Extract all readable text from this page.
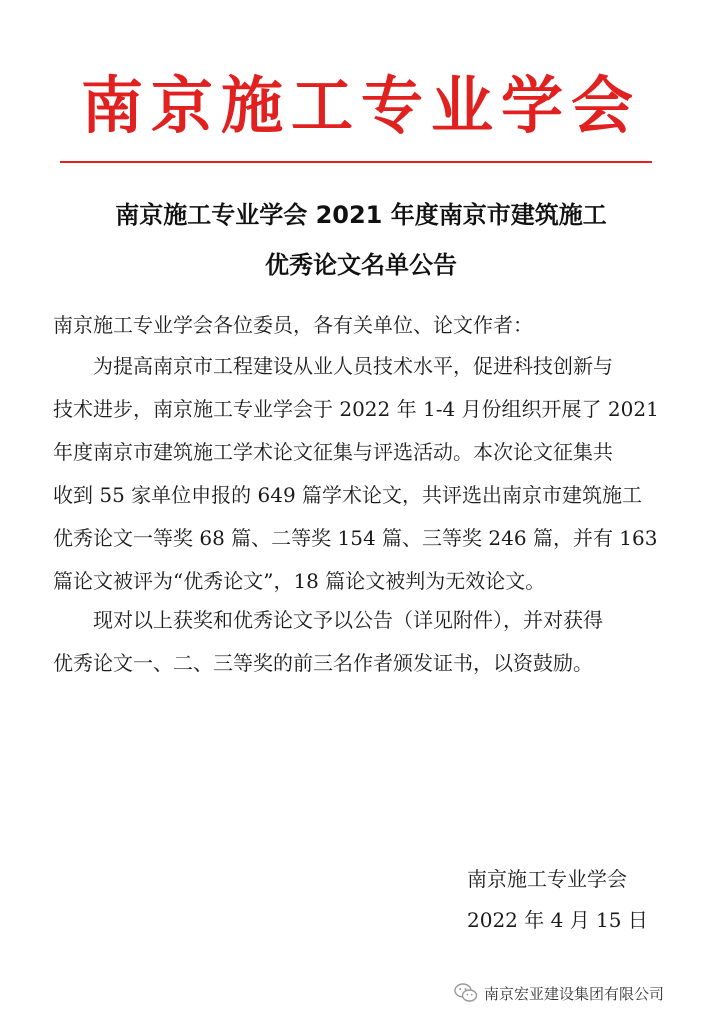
南京施工专业学会
南京施工专业学会 2021 年度南京市建筑施工
优秀论文名单公告
南京施工专业学会各位委员，各有关单位、论文作者：
为提高南京市工程建设从业人员技术水平，促进科技创新与
技术进步，南京施工专业学会于 2022 年 1-4 月份组织开展了 2021
年度南京市建筑施工学术论文征集与评选活动。本次论文征集共
收到 55 家单位申报的 649 篇学术论文，共评选出南京市建筑施工
优秀论文一等奖 68 篇、二等奖 154 篇、三等奖 246 篇，并有 163
篇论文被评为“优秀论文”，18 篇论文被判为无效论文。
现对以上获奖和优秀论文予以公告（详见附件），并对获得
优秀论文一、二、三等奖的前三名作者颁发证书，以资鼓励。
南京施工专业学会
2022 年 4 月 15 日
南京宏亚建设集团有限公司
